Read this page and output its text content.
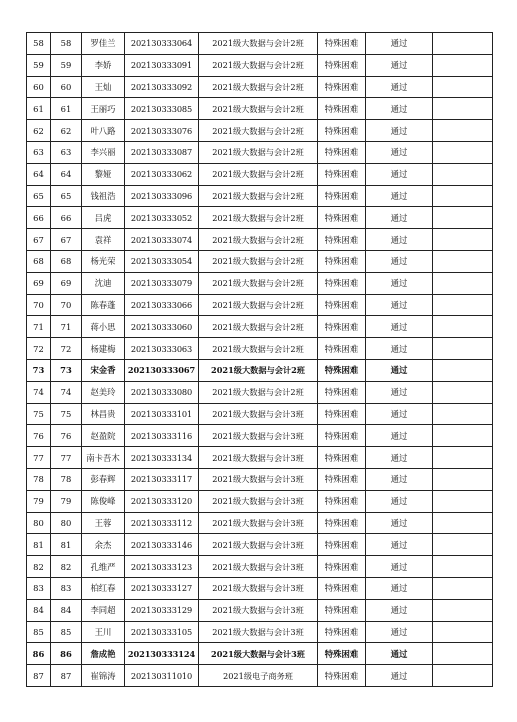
58	58	罗佳兰	202130333064	2021级大数据与会计2班	特殊困难	通过	
59	59	李娇	202130333091	2021级大数据与会计2班	特殊困难	通过	
60	60	王灿	202130333092	2021级大数据与会计2班	特殊困难	通过	
61	61	王丽巧	202130333085	2021级大数据与会计2班	特殊困难	通过	
62	62	叶八路	202130333076	2021级大数据与会计2班	特殊困难	通过	
63	63	李兴丽	202130333087	2021级大数据与会计2班	特殊困难	通过	
64	64	黎娅	202130333062	2021级大数据与会计2班	特殊困难	通过	
65	65	钱祖浩	202130333096	2021级大数据与会计2班	特殊困难	通过	
66	66	吕虎	202130333052	2021级大数据与会计2班	特殊困难	通过	
67	67	袁祥	202130333074	2021级大数据与会计2班	特殊困难	通过	
68	68	杨光荣	202130333054	2021级大数据与会计2班	特殊困难	通过	
69	69	沈迪	202130333079	2021级大数据与会计2班	特殊困难	通过	
70	70	陈春蓬	202130333066	2021级大数据与会计2班	特殊困难	通过	
71	71	蒋小思	202130333060	2021级大数据与会计2班	特殊困难	通过	
72	72	杨建梅	202130333063	2021级大数据与会计2班	特殊困难	通过	
73	73	宋金香	202130333067	2021级大数据与会计2班	特殊困难	通过	
74	74	赵美玲	202130333080	2021级大数据与会计2班	特殊困难	通过	
75	75	林昌贵	202130333101	2021级大数据与会计3班	特殊困难	通过	
76	76	赵盈院	202130333116	2021级大数据与会计3班	特殊困难	通过	
77	77	南卡吾木	202130333134	2021级大数据与会计3班	特殊困难	通过	
78	78	彭春辉	202130333117	2021级大数据与会计3班	特殊困难	通过	
79	79	陈俊峰	202130333120	2021级大数据与会计3班	特殊困难	通过	
80	80	王蓉	202130333112	2021级大数据与会计3班	特殊困难	通过	
81	81	余杰	202130333146	2021级大数据与会计3班	特殊困难	通过	
82	82	孔维严	202130333123	2021级大数据与会计3班	特殊困难	通过	
83	83	柏红春	202130333127	2021级大数据与会计3班	特殊困难	通过	
84	84	李同超	202130333129	2021级大数据与会计3班	特殊困难	通过	
85	85	王川	202130333105	2021级大数据与会计3班	特殊困难	通过	
86	86	詹成艳	202130333124	2021级大数据与会计3班	特殊困难	通过	
87	87	崔锦涛	202130311010	2021级电子商务班	特殊困难	通过	
